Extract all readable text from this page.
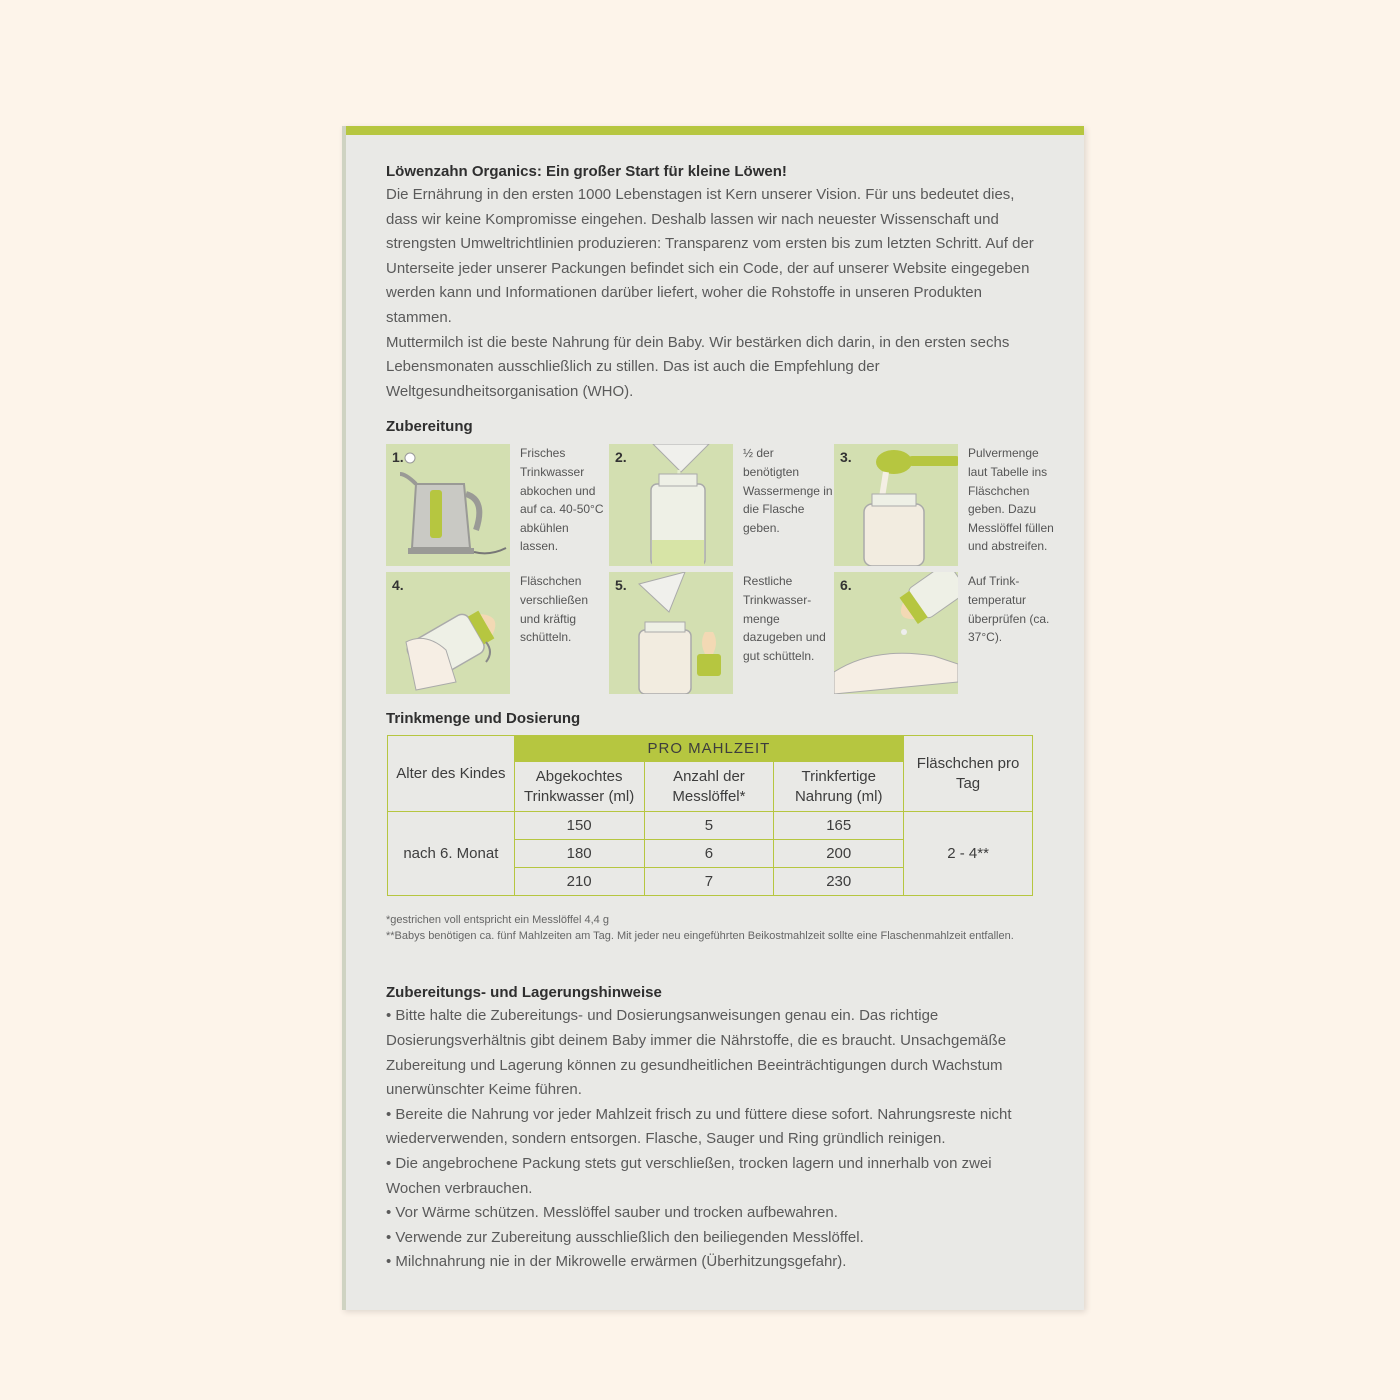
Löwenzahn Organics: Ein großer Start für kleine Löwen!

Die Ernährung in den ersten 1000 Lebenstagen ist Kern unserer Vision. Für uns bedeutet dies, dass wir keine Kompromisse eingehen. Deshalb lassen wir nach neuester Wissenschaft und strengsten Umweltrichtlinien produzieren: Transparenz vom ersten bis zum letzten Schritt. Auf der Unterseite jeder unserer Packungen befindet sich ein Code, der auf unserer Website eingegeben werden kann und Informationen darüber liefert, woher die Rohstoffe in unseren Produkten stammen.

Muttermilch ist die beste Nahrung für dein Baby. Wir bestärken dich darin, in den ersten sechs Lebensmonaten ausschließlich zu stillen. Das ist auch die Empfehlung der Weltgesundheitsorganisation (WHO).

Zubereitung
1.	Frisches Trinkwasser abkochen und auf ca. 40-50°C abkühlen lassen.
2.	½ der benötigten Wassermenge in die Flasche geben.
3.	Pulvermenge laut Tabelle ins Fläschchen geben. Dazu Messlöffel füllen und abstreifen.
4.	Fläschchen verschließen und kräftig schütteln.
5.	Restliche Trinkwasser-menge dazugeben und gut schütteln.
6.	Auf Trink-temperatur überprüfen (ca. 37°C).
Trinkmenge und Dosierung
Alter des Kindes	PRO MAHLZEIT			Fläschchen pro Tag
	Abgekochtes Trinkwasser (ml)	Anzahl der Messlöffel*	Trinkfertige Nahrung (ml)	
nach 6. Monat	150	5	165	2 - 4**
	180	6	200	
	210	7	230	

*gestrichen voll entspricht ein Messlöffel 4,4 g

**Babys benötigen ca. fünf Mahlzeiten am Tag. Mit jeder neu eingeführten Beikostmahlzeit sollte eine Flaschenmahlzeit entfallen.

Zubereitungs- und Lagerungshinweise

• Bitte halte die Zubereitungs- und Dosierungsanweisungen genau ein. Das richtige Dosierungsverhältnis gibt deinem Baby immer die Nährstoffe, die es braucht. Unsachgemäße Zubereitung und Lagerung können zu gesundheitlichen Beeinträchtigungen durch Wachstum unerwünschter Keime führen.

• Bereite die Nahrung vor jeder Mahlzeit frisch zu und füttere diese sofort. Nahrungsreste nicht wiederverwenden, sondern entsorgen. Flasche, Sauger und Ring gründlich reinigen.

• Die angebrochene Packung stets gut verschließen, trocken lagern und innerhalb von zwei Wochen verbrauchen.

• Vor Wärme schützen. Messlöffel sauber und trocken aufbewahren.

• Verwende zur Zubereitung ausschließlich den beiliegenden Messlöffel.

• Milchnahrung nie in der Mikrowelle erwärmen (Überhitzungsgefahr).
